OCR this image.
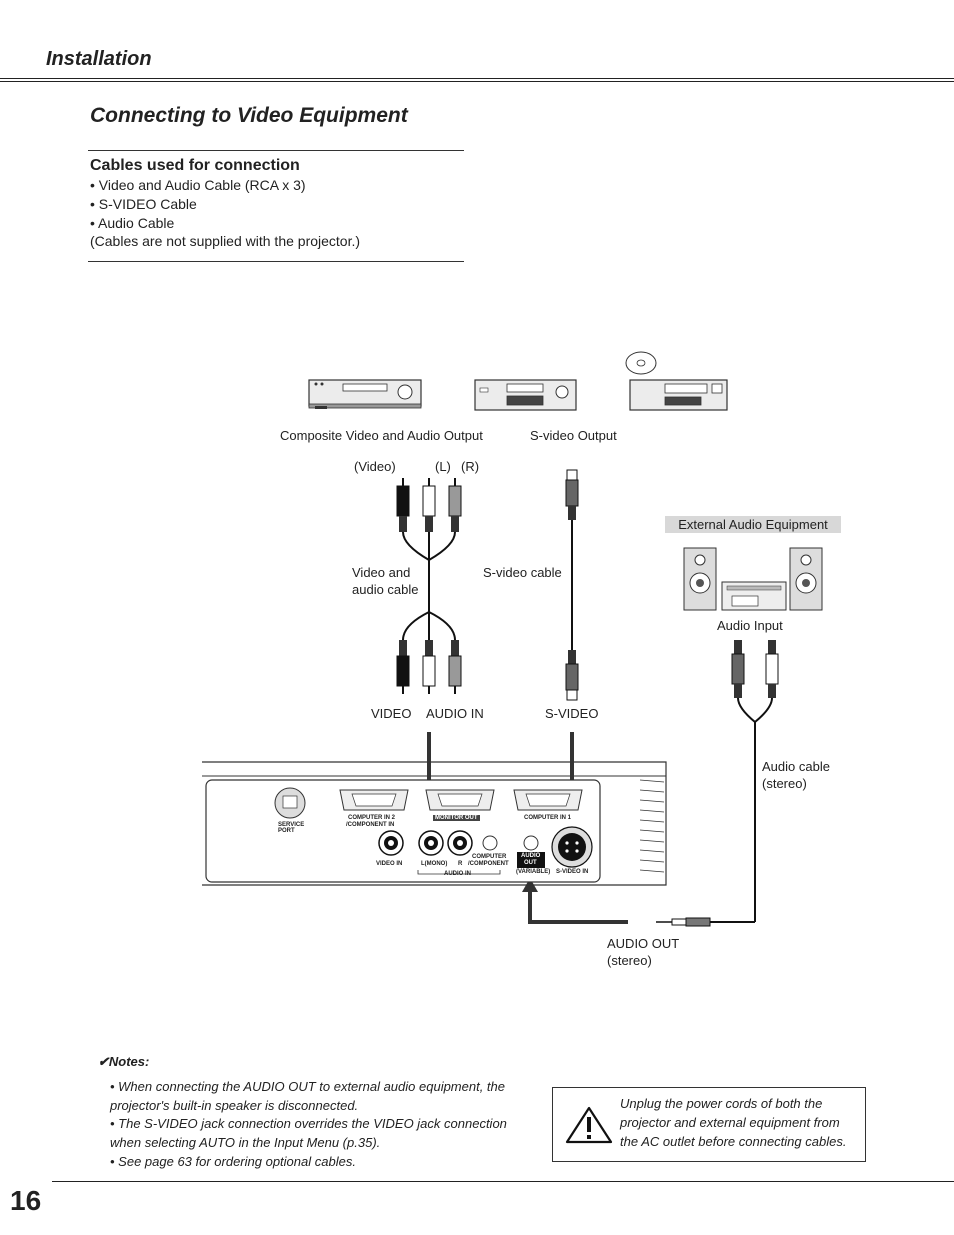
Installation
Connecting to Video Equipment
Cables used for connection
• Video and Audio Cable (RCA x 3)
• S-VIDEO Cable
• Audio Cable
(Cables are not supplied with the projector.)
Composite Video and Audio Output	S-video Output
(Video)	(L) (R)
External Audio Equipment
Video and
audio cable
S-video cable
Audio Input
VIDEO AUDIO IN	S-VIDEO
Audio cable
(stereo)
AUDIO OUT
(stereo)
SERVICE
PORT
COMPUTER IN 2
/COMPONENT IN
MONITOR OUT	COMPUTER IN 1
VIDEO IN	L(MONO) R
COMPUTER
/COMPONENT
AUDIO IN
AUDIO
OUT
(VARIABLE) S-VIDEO IN
✔Notes:
• When connecting the AUDIO OUT to external audio equipment, the projector's built-in speaker is disconnected.
• The S-VIDEO jack connection overrides the VIDEO jack connection when selecting AUTO in the Input Menu (p.35).
• See page 63 for ordering optional cables.
Unplug the power cords of both the projector and external equipment from the AC outlet before connecting cables.
16
